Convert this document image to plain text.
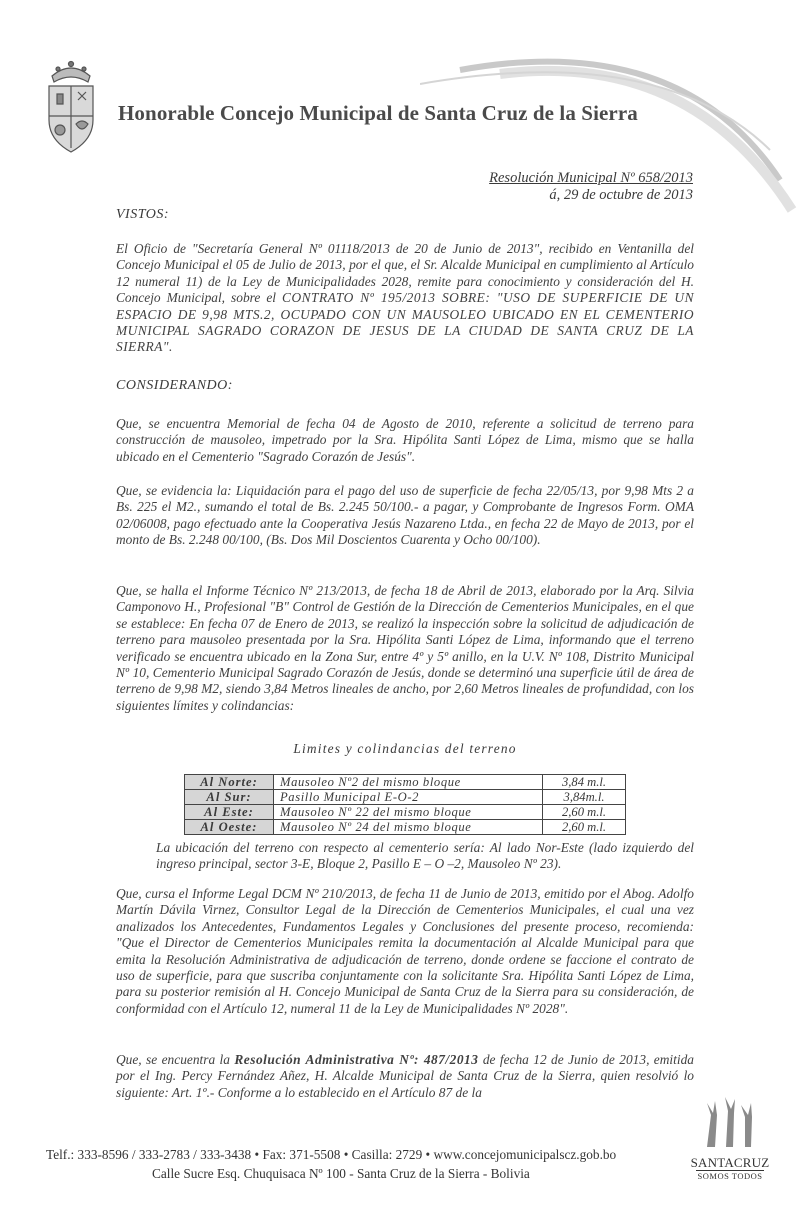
Honorable Concejo Municipal de Santa Cruz de la Sierra
Resolución Municipal Nº 658/2013
á, 29 de octubre de 2013
VISTOS:
El Oficio de "Secretaría General Nº 01118/2013 de 20 de Junio de 2013", recibido en Ventanilla del Concejo Municipal el 05 de Julio de 2013, por el que, el Sr. Alcalde Municipal en cumplimiento al Artículo 12 numeral 11) de la Ley de Municipalidades 2028, remite para conocimiento y consideración del H. Concejo Municipal, sobre el CONTRATO Nº 195/2013 SOBRE: "USO DE SUPERFICIE DE UN ESPACIO DE 9,98 MTS.2, OCUPADO CON UN MAUSOLEO UBICADO EN EL CEMENTERIO MUNICIPAL SAGRADO CORAZON DE JESUS DE LA CIUDAD DE SANTA CRUZ DE LA SIERRA".
CONSIDERANDO:
Que, se encuentra Memorial de fecha 04 de Agosto de 2010, referente a solicitud de terreno para construcción de mausoleo, impetrado por la Sra. Hipólita Santi López de Lima, mismo que se halla ubicado en el Cementerio "Sagrado Corazón de Jesús".
Que, se evidencia la: Liquidación para el pago del uso de superficie de fecha 22/05/13, por 9,98 Mts 2 a Bs. 225 el M2., sumando el total de Bs. 2.245 50/100.- a pagar, y Comprobante de Ingresos Form. OMA 02/06008, pago efectuado ante la Cooperativa Jesús Nazareno Ltda., en fecha 22 de Mayo de 2013, por el monto de Bs. 2.248 00/100, (Bs. Dos Mil Doscientos Cuarenta y Ocho 00/100).
Que, se halla el Informe Técnico Nº 213/2013, de fecha 18 de Abril de 2013, elaborado por la Arq. Silvia Camponovo H., Profesional "B" Control de Gestión de la Dirección de Cementerios Municipales, en el que se establece: En fecha 07 de Enero de 2013, se realizó la inspección sobre la solicitud de adjudicación de terreno para mausoleo presentada por la Sra. Hipólita Santi López de Lima, informando que el terreno verificado se encuentra ubicado en la Zona Sur, entre 4º y 5º anillo, en la U.V. Nº 108, Distrito Municipal Nº 10, Cementerio Municipal Sagrado Corazón de Jesús, donde se determinó una superficie útil de área de terreno de 9,98 M2, siendo 3,84 Metros lineales de ancho, por 2,60 Metros lineales de profundidad, con los siguientes límites y colindancias:
Limites y colindancias del terreno
Al Norte:	Mausoleo Nº2 del mismo bloque	3,84 m.l.
Al Sur:	Pasillo Municipal E-O-2	3,84m.l.
Al Este:	Mausoleo Nº 22 del mismo bloque	2,60 m.l.
Al Oeste:	Mausoleo Nº 24 del mismo bloque	2,60 m.l.
La ubicación del terreno con respecto al cementerio sería: Al lado Nor-Este (lado izquierdo del ingreso principal, sector 3-E, Bloque 2, Pasillo E – O –2, Mausoleo Nº 23).
Que, cursa el Informe Legal DCM Nº 210/2013, de fecha 11 de Junio de 2013, emitido por el Abog. Adolfo Martín Dávila Virnez, Consultor Legal de la Dirección de Cementerios Municipales, el cual una vez analizados los Antecedentes, Fundamentos Legales y Conclusiones del presente proceso, recomienda: "Que el Director de Cementerios Municipales remita la documentación al Alcalde Municipal para que emita la Resolución Administrativa de adjudicación de terreno, donde ordene se faccione el contrato de uso de superficie, para que suscriba conjuntamente con la solicitante Sra. Hipólita Santi López de Lima, para su posterior remisión al H. Concejo Municipal de Santa Cruz de la Sierra para su consideración, de conformidad con el Artículo 12, numeral 11 de la Ley de Municipalidades Nº 2028".
Que, se encuentra la Resolución Administrativa Nº: 487/2013 de fecha 12 de Junio de 2013, emitida por el Ing. Percy Fernández Añez, H. Alcalde Municipal de Santa Cruz de la Sierra, quien resolvió lo siguiente: Art. 1º.- Conforme a lo establecido en el Artículo 87 de la
Telf.: 333-8596 / 333-2783 / 333-3438 • Fax: 371-5508 • Casilla: 2729 • www.concejomunicipalscz.gob.bo
Calle Sucre Esq. Chuquisaca Nº 100 - Santa Cruz de la Sierra - Bolivia
SANTACRUZ
SOMOS TODOS
